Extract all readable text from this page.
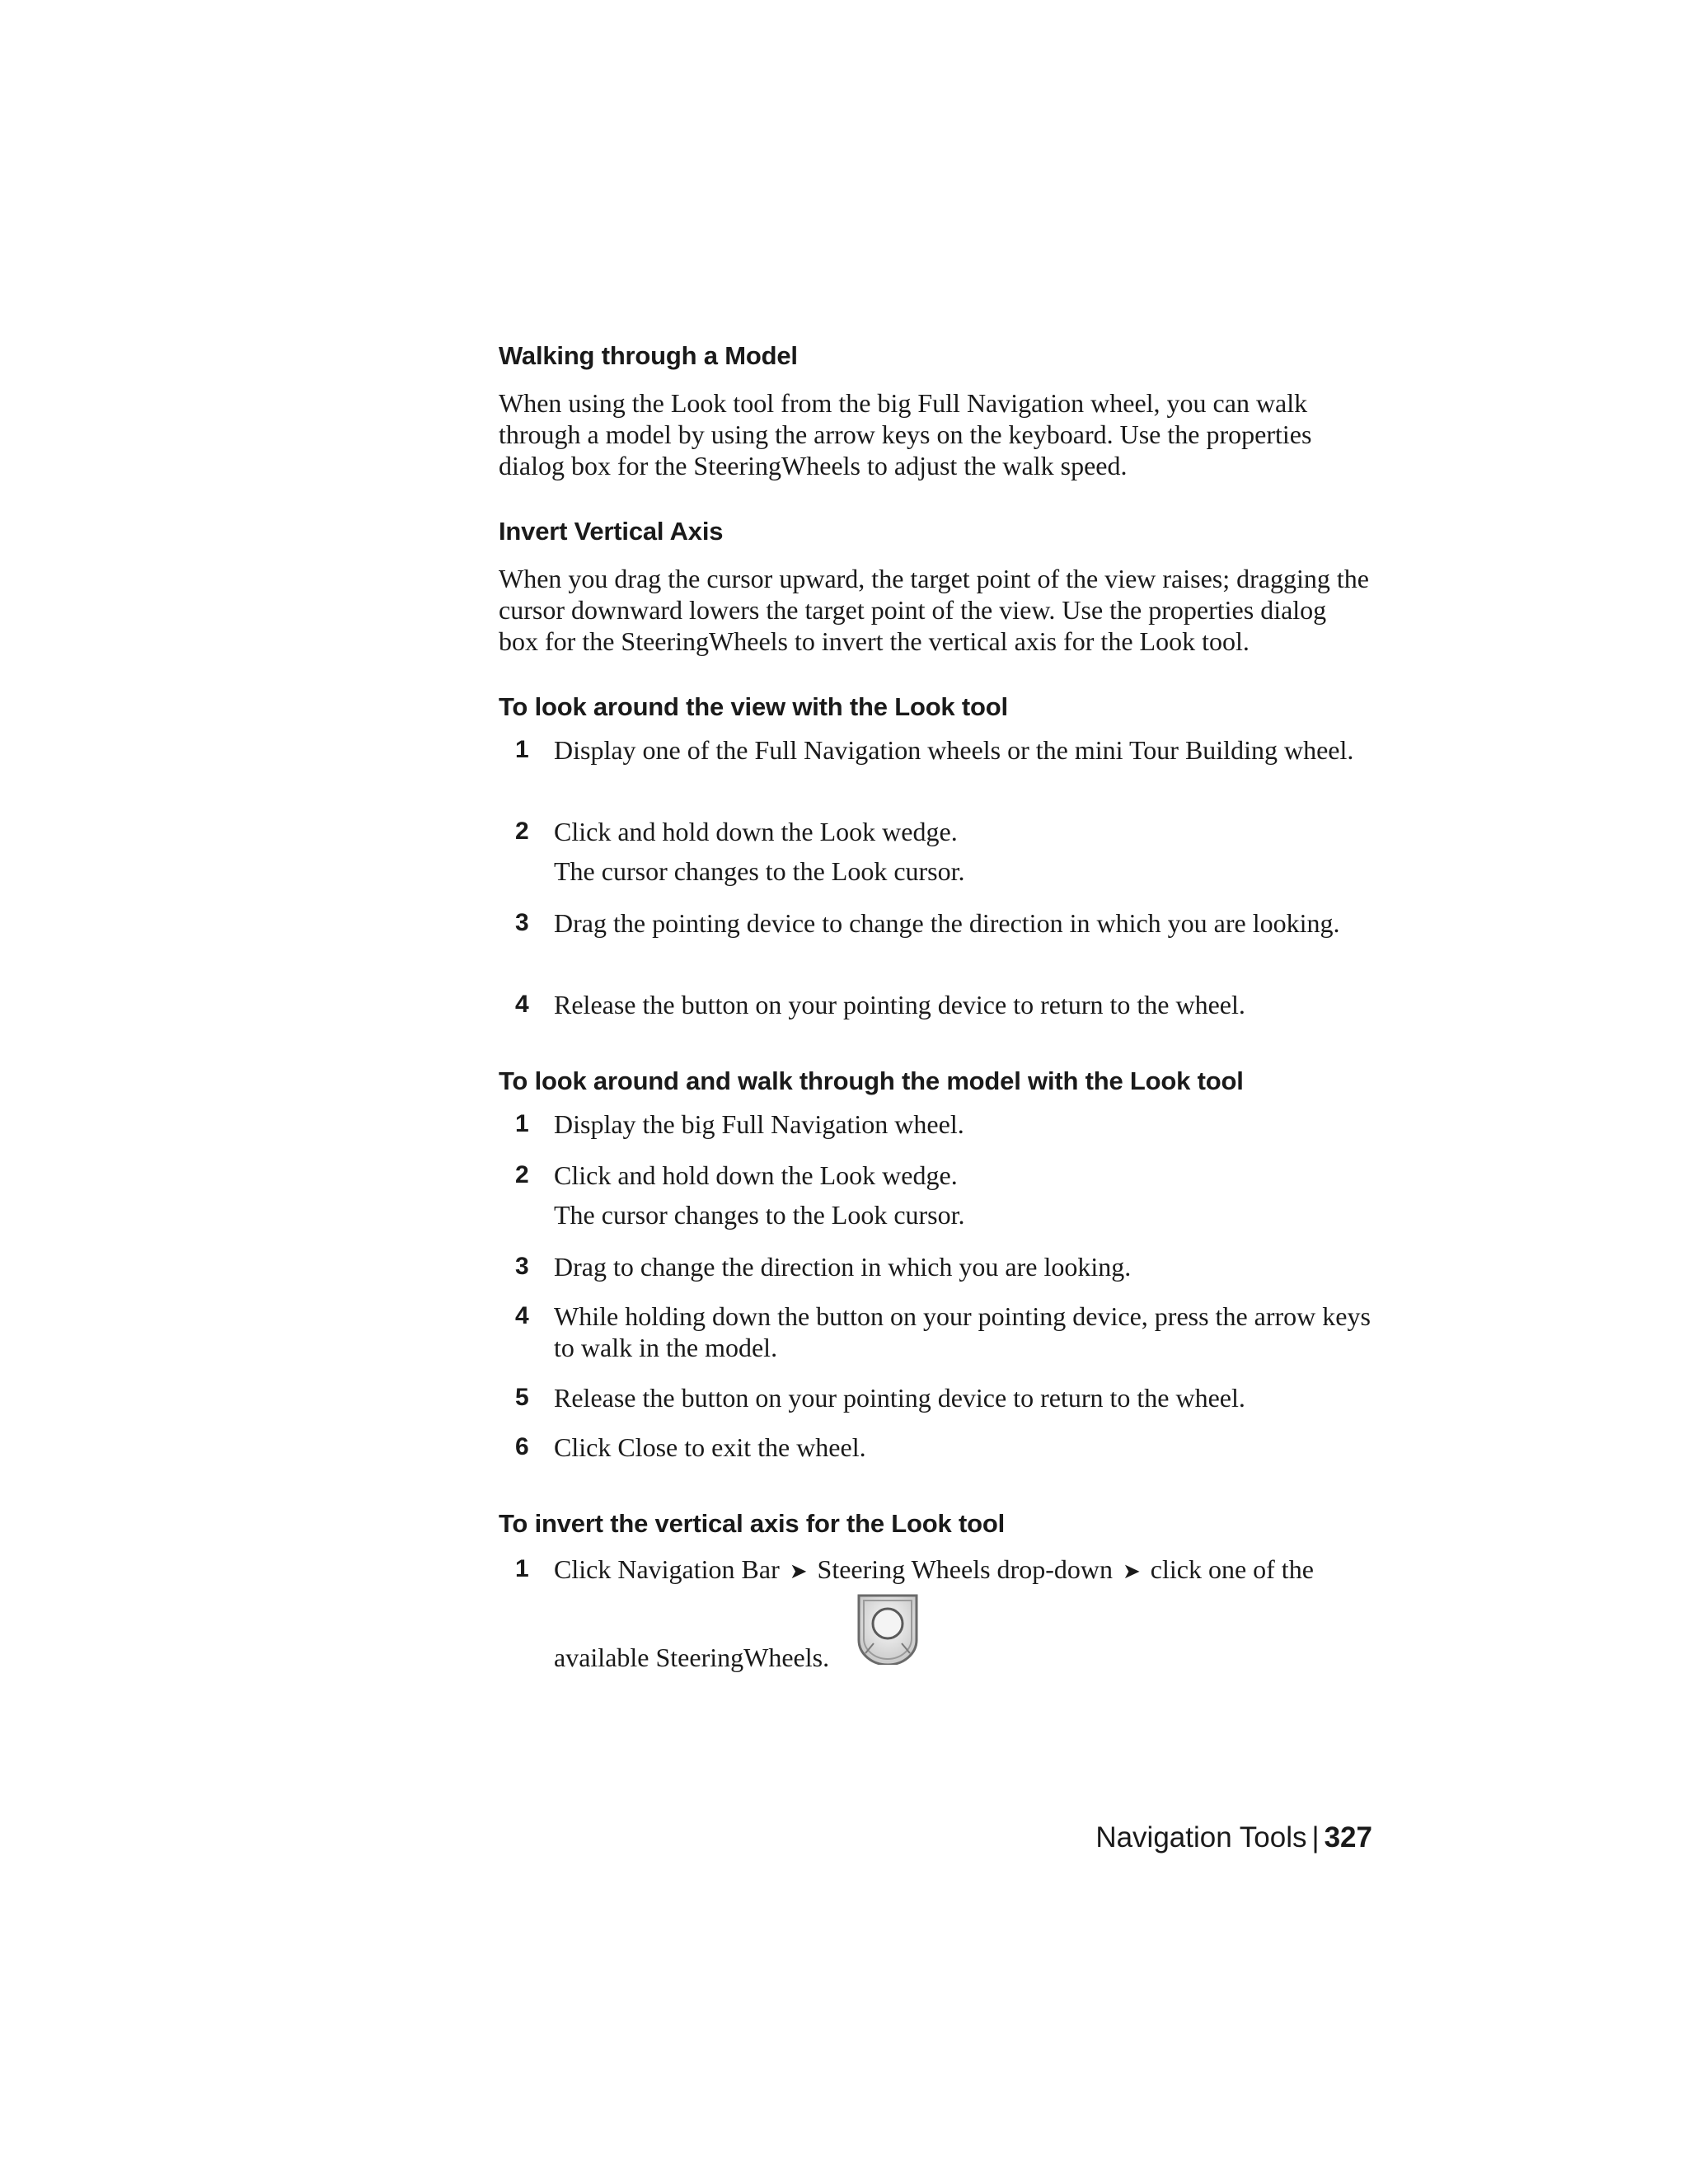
Walking through a Model

When using the Look tool from the big Full Navigation wheel, you can walk through a model by using the arrow keys on the keyboard. Use the properties dialog box for the SteeringWheels to adjust the walk speed.

Invert Vertical Axis

When you drag the cursor upward, the target point of the view raises; dragging the cursor downward lowers the target point of the view. Use the properties dialog box for the SteeringWheels to invert the vertical axis for the Look tool.

To look around the view with the Look tool
1 Display one of the Full Navigation wheels or the mini Tour Building wheel.
2 Click and hold down the Look wedge.
The cursor changes to the Look cursor.
3 Drag the pointing device to change the direction in which you are looking.
4 Release the button on your pointing device to return to the wheel.
To look around and walk through the model with the Look tool
1 Display the big Full Navigation wheel.
2 Click and hold down the Look wedge.
The cursor changes to the Look cursor.
3 Drag to change the direction in which you are looking.
4 While holding down the button on your pointing device, press the arrow keys to walk in the model.
5 Release the button on your pointing device to return to the wheel.
6 Click Close to exit the wheel.
To invert the vertical axis for the Look tool
1 Click Navigation Bar ➤ Steering Wheels drop-down ➤ click one of the
available SteeringWheels.
Navigation Tools | 327
